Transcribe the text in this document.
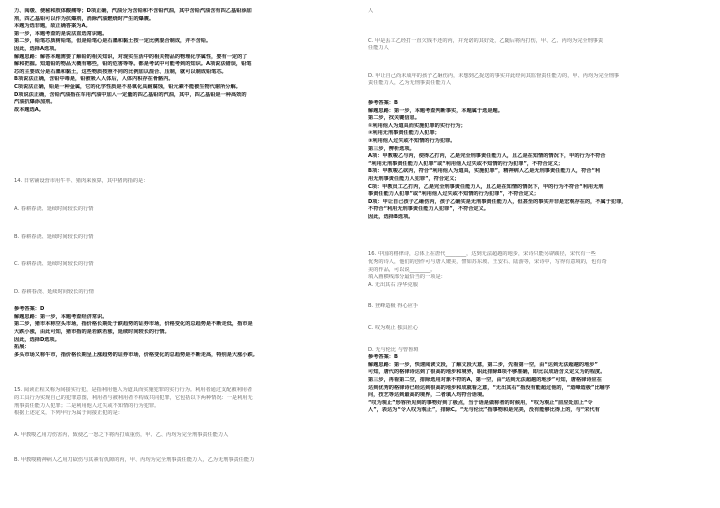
力、阅缓、便秘和肢体酸痛等；D项正确，汽油分为含铅和不含铅汽油，其中含铅汽油含有四乙基铅添加
剂，四乙基铅可以作为抗爆剂，消除汽油燃烧时产生的爆震。
本题为选非题，故正确答案为A。
第一步，本题考查的是说法直选常识题。
第二步，铅笔芯质树铅笔，但是铅笔心是石墨和黏土按一定比例混合制成，并不含铅。
因此，选择A选项。
解题思路：解答本题需要了解铅的相关知识，对现实生活中的相关物品的物理化学属性，要有一定的了
解和把握。知道铅的物品大概有哪些，铅的危害等等。都是考试中可能考到的知识。A项说法错误，铅笔
芯的主要成分是石墨和黏土，这些物质按照不同的比例加以混合、压制，就可以制成铅笔芯。
B项说法正确，含铅中毒是，铅被吸入人体后，人体内积存在骨骼内。
C项说法正确，铅是一种金属，它的化学性质是不易氧化具耐腐蚀，铅元素不能被生物代谢所分解。
D项说法正确，含铅汽油指在车用汽油中加入一定量的四乙基铅的汽油，其中，四乙基铅是一种高效的
汽油抗爆添加剂。
故本题选A。
14. 日常铺设营市用牛羊、猪肉来预算，其中猪肉指的是：
A. 春耕春浇、延续时间较长的行情
B. 春耕春浇、延续时间较长的行情
C. 春耕春浇、延续时间较长的行情
D. 春耕春浇、延续时间较长的行情
参考答案：D
解题思路：第一步，本题考查经济常识。
第二步，猪市本称空头市场，指价格长期处于跌趋势的证券市场，价格变化的总趋势是不断走低，指市是
大跌小涨，由此可知，猪市指的是若跌若涨，延续时间较长的行情。
因此，选择D选项。
拓展：
多头市场又称牛市，指价格长期呈上涨趋势的证券市场，价格变化的总趋势是不断走高，特别是大涨小跌。
15. 阅读正程又称为间接实行犯，是指利用他人为道具而实施犯罪的实行行为。利用者通过支配被利用者
的工具行为实现自己的犯罪意图，利用者与被利用者不构成共同犯罪，它包括以下两种情况：一是利用无
刑事责任能力人犯罪；二是利用他人过失或不知情的行为犯罪。
根据上述定义，下列甲行为属于间接正犯的是：
A. 甲教唆乙用刀伤害丙，致使乙一怒之下将丙打成重伤，甲、乙、丙均为完全刑事责任能力人
B. 甲教唆精神病人乙用刀砍伤与其素有仇隙的丙，甲、丙均为完全刑事责任能力人，乙为无刑事责任能力
人
C. 甲是丢工乙经打一直欠钱不还的丙，并充诺的其好处，乙随后将丙打伤，甲、乙、丙均为完全刑事责
任能力人
D. 甲让自己尚未成年的孩子乙砸伤丙，未想到乙捉送的事实并此经向其监督责任能力的，甲、丙均为完全刑事
责任能力人，乙为无刑事责任能力人
参考答案：B
解题思路：第一步，本题考查判断事实，本题属于选是题。
第二步，找关键信息。
①利用他人为道具而实施犯罪的实行行为；
②利用无刑事责任能力人犯罪；
③利用他人过失或不知情的行为犯罪。
第三步，辨析选项。
A项：甲教唆乙与丙，使得乙打丙，乙是完全刑事责任能力人，且乙是在知情的情况下，甲的行为不符合
“利用无刑事责任能力人犯罪”或“利用他人过失或不知情的行为犯罪”，不符合定义；
B项：甲教唆乙砍丙，符合“利用他人为道具，实施犯罪”，精神病人乙是无刑事责任能力人，符合“利
用无刑事责任能力人犯罪”，符合定义；
C项：甲教员工乙打丙，乙是完全刑事责任能力人，且乙是在知情的情况下，甲的行为不符合“利用无刑
事责任能力人犯罪”或“利用他人过失或不知情的行为犯罪”，不符合定义；
D项：甲让自己孩子乙砸伤丙，孩子乙确实是无刑事责任能力人，但甚至的事实并非是宏观存在的，不属于犯罪，
不符合“利用无刑事责任能力人犯罪”，不符合定义。
因此，选择B选项。
16. 中国的格律诗，总体上在唐代________，达到无法超越的地步，宋诗只能另辟蹊径，宋代有一些
优秀的诗人，他们的创作可与唐人媲美，譬如苏东坡、王安石、陆游等，宋诗中，写得有意境的，也有奇
美的作品，可以说________。
填入画横线部分最恰当的一项是：
A. 无出其右 浮华克服
B. 登峰造极 得心应手
C. 叹为观止 独具匠心
D. 无与伦比 与曾鲁斑
参考答案：B
解题思路：第一步，快速阅读文段，了解文段大意，第二步，先看第一空，由“达到无法超越的地步”
可知，唐代的格律诗达到了很高的地步和境界，职此排除B项不够准确，即比以成语含义定义为的程度。
第三步，再看第二空，排除选用对象不符的A，第一空，由“达到无法超越的地步”可知，唐格律诗应在
达到优秀的格律诗已经达到很高的地步和成就看之意，“无出其右”指没有能超过他的，“造峰造极”比喻学
问，技艺等达到最高的境界，二者填入均符合语境。
“叹为观止”形容所见到的事物好到了极点，当于语是做称者的时候用，“叹为观止”前应处加上“令
人”，表达为“令人叹为观止”，排除C。“无与伦比”指事物和是完美，没有能够比得上的，与“宋代有
